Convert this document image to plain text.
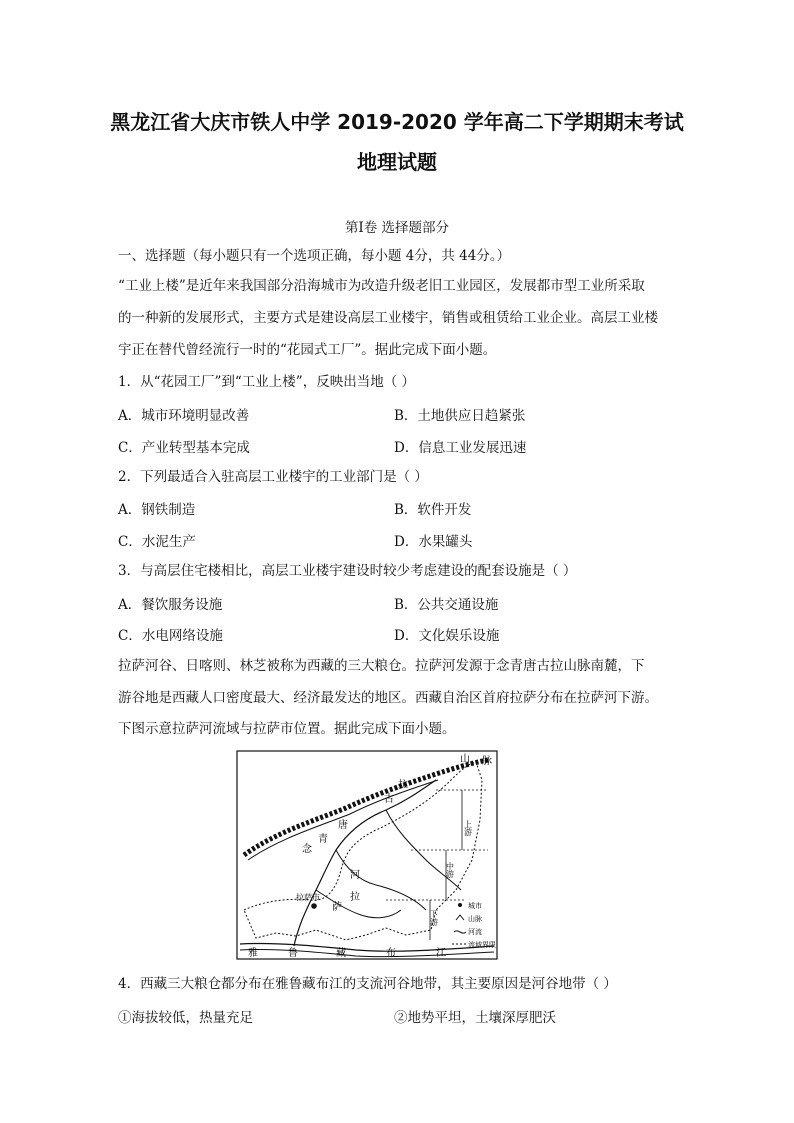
黑龙江省大庆市铁人中学 2019-2020 学年高二下学期期末考试
地理试题
第Ⅰ卷 选择题部分
一、选择题（每小题只有一个选项正确，每小题 4分，共 44分。）
“工业上楼”是近年来我国部分沿海城市为改造升级老旧工业园区，发展都市型工业所采取
的一种新的发展形式，主要方式是建设高层工业楼宇，销售或租赁给工业企业。高层工业楼
宇正在替代曾经流行一时的“花园式工厂”。据此完成下面小题。
1．从“花园工厂”到“工业上楼”，反映出当地（ ）
A．城市环境明显改善	B．土地供应日趋紧张
C．产业转型基本完成	D．信息工业发展迅速
2．下列最适合入驻高层工业楼宇的工业部门是（ ）
A．钢铁制造	B．软件开发
C．水泥生产	D．水果罐头
3．与高层住宅楼相比，高层工业楼宇建设时较少考虑建设的配套设施是（ ）
A．餐饮服务设施	B．公共交通设施
C．水电网络设施	D．文化娱乐设施
拉萨河谷、日喀则、林芝被称为西藏的三大粮仓。拉萨河发源于念青唐古拉山脉南麓，下
游谷地是西藏人口密度最大、经济最发达的地区。西藏自治区首府拉萨分布在拉萨河下游。
下图示意拉萨河流域与拉萨市位置。据此完成下面小题。
念
青
唐
古
拉
山 脉
拉
萨
河
上游
中游
下游
拉萨市
雅	鲁	藏	布	江
城市
山脉
河流
流域界限
4．西藏三大粮仓都分布在雅鲁藏布江的支流河谷地带，其主要原因是河谷地带（ ）
①海拔较低，热量充足	②地势平坦，土壤深厚肥沃
